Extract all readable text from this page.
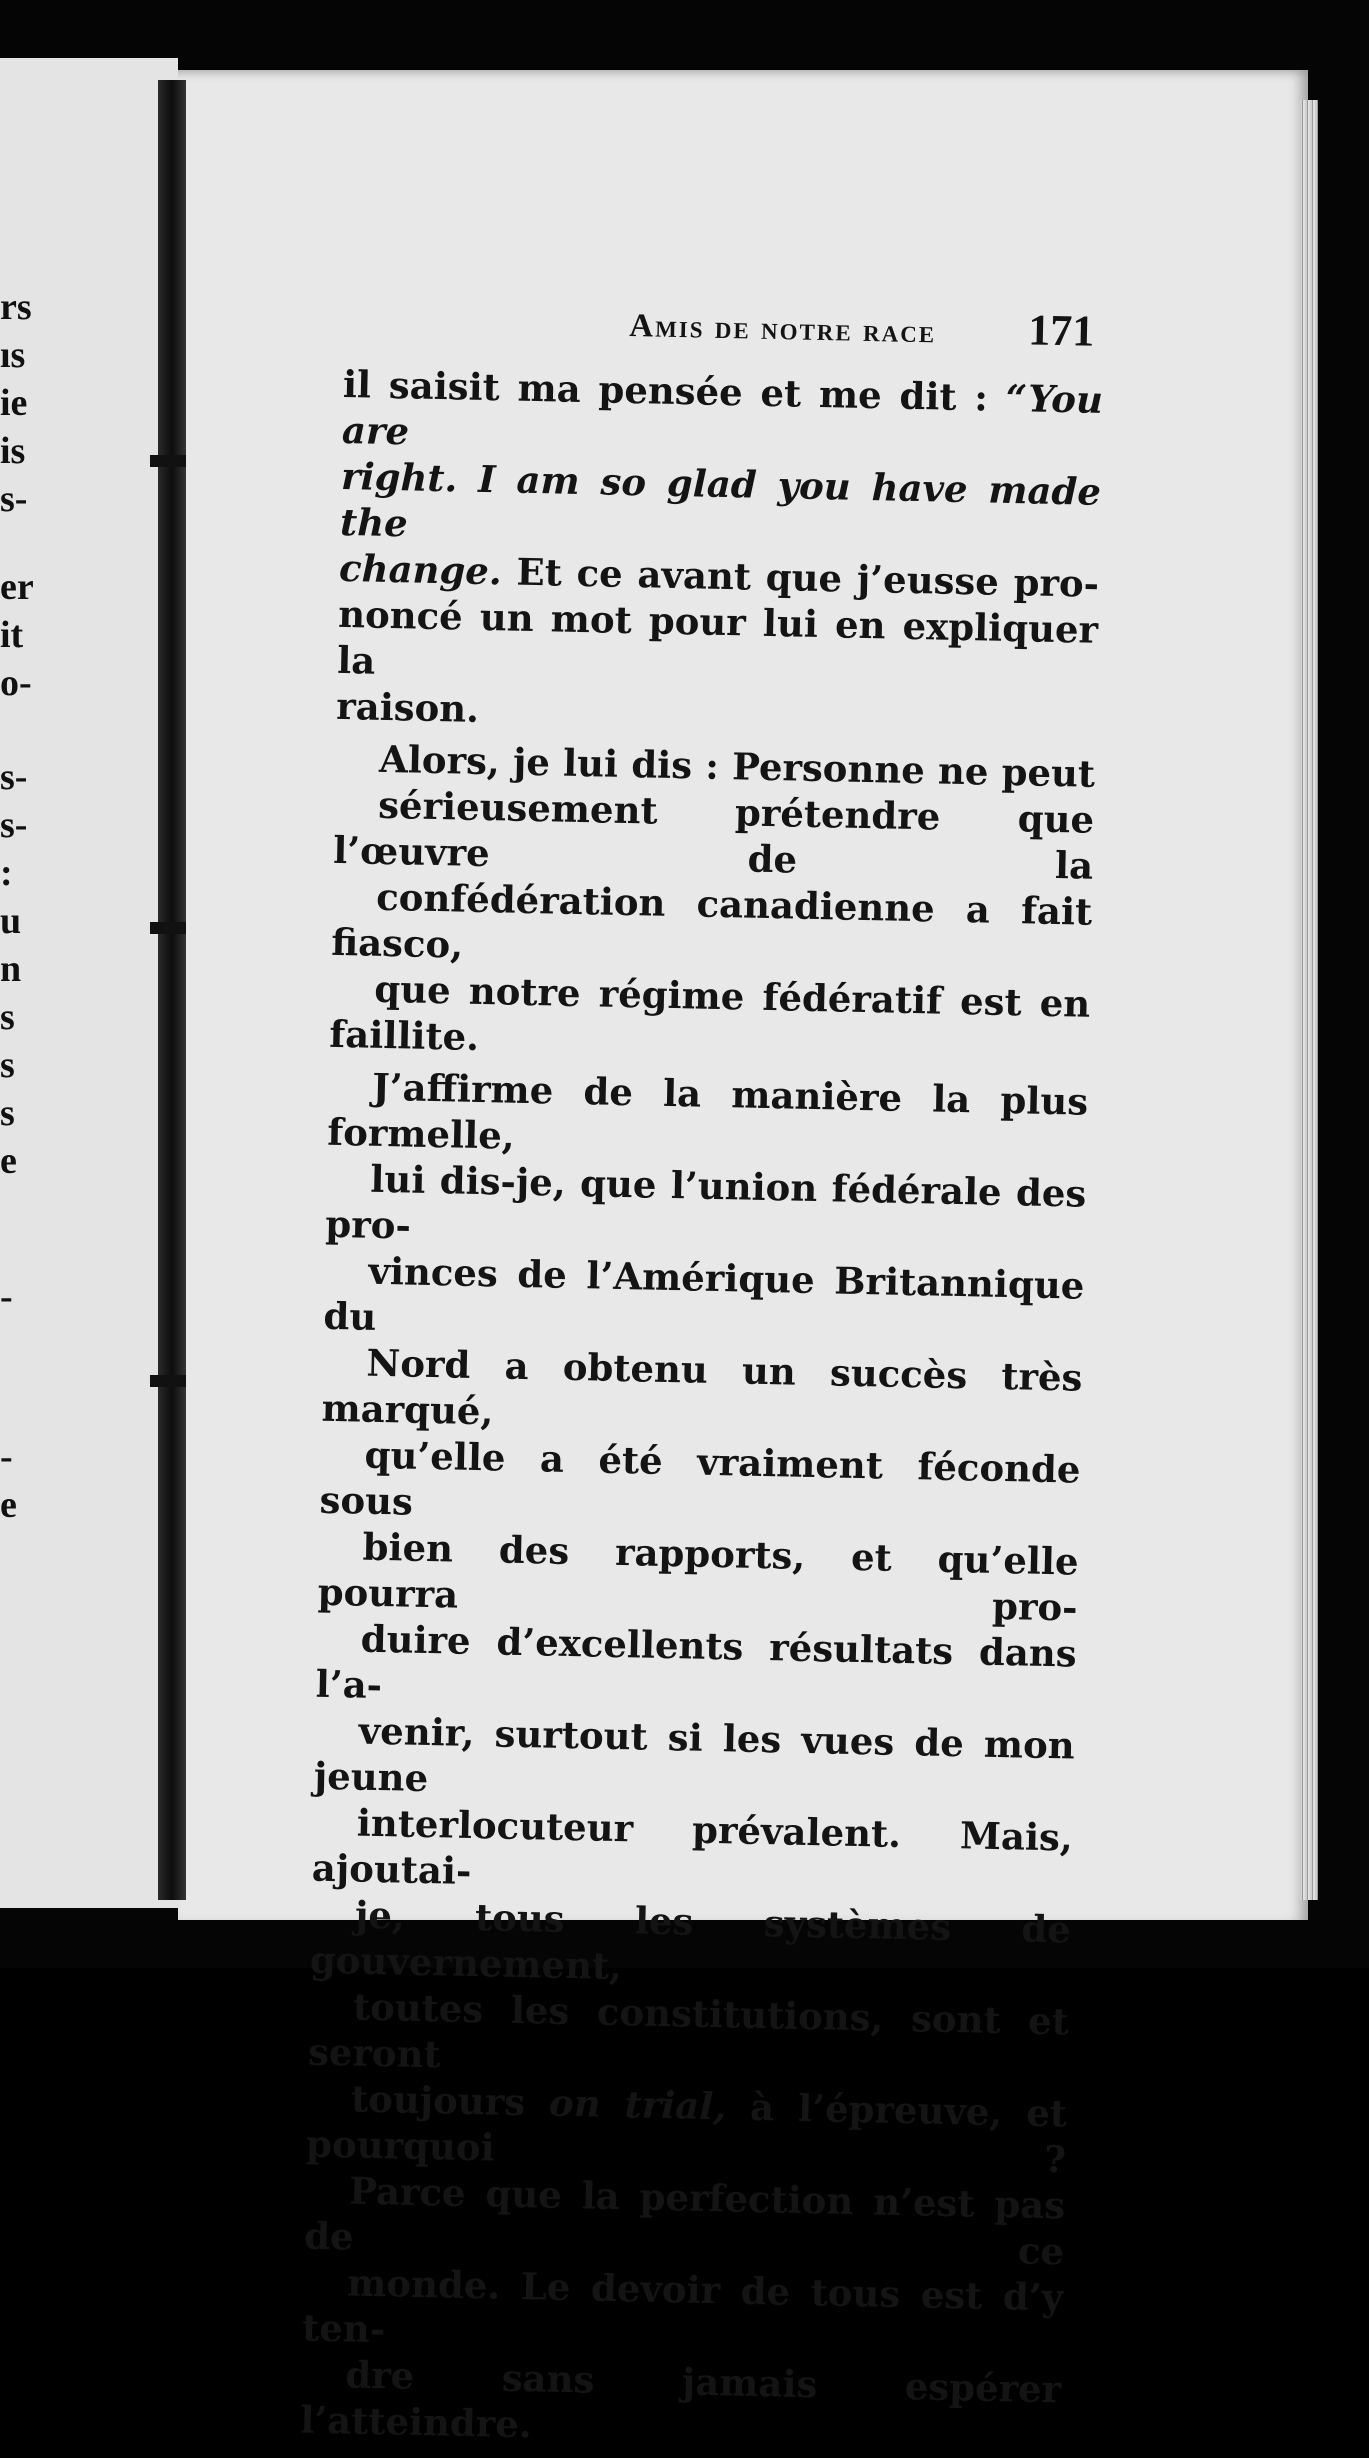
rs
ıs
ie
is
s-
er
it
o-
s-
s-
:
u
n
s
s
s
e
-
-
e
Amis de notre race 171

il saisit ma pensée et me dit : “You are
right. I am so glad you have made the
change. Et ce avant que j’eusse pro-
noncé un mot pour lui en expliquer la
raison.

Alors, je lui dis : Personne ne peut
sérieusement prétendre que l’œuvre de la
confédération canadienne a fait fiasco,
que notre régime fédératif est en faillite.

J’affirme de la manière la plus formelle,
lui dis-je, que l’union fédérale des pro-
vinces de l’Amérique Britannique du
Nord a obtenu un succès très marqué,
qu’elle a été vraiment féconde sous
bien des rapports, et qu’elle pourra pro-
duire d’excellents résultats dans l’a-
venir, surtout si les vues de mon jeune
interlocuteur prévalent. Mais, ajoutai-
je, tous les systèmes de gouvernement,
toutes les constitutions, sont et seront
toujours on trial, à l’épreuve, et pourquoi ?
Parce que la perfection n’est pas de ce
monde. Le devoir de tous est d’y ten-
dre sans jamais espérer l’atteindre.
